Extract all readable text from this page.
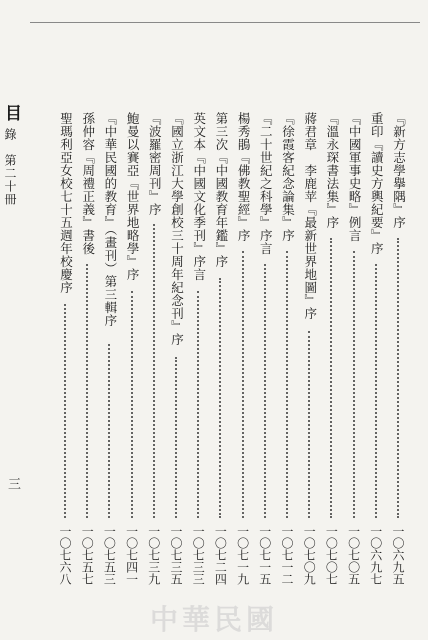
『新方志學擧隅』序
一〇六九五
重印『讀史方輿紀要』序
一〇六九七
『中國軍事史略』例言
一〇七〇五
『溫永琛書法集』序
一〇七〇七
蔣君章　李鹿苹『最新世界地圖』序
一〇七〇九
『徐霞客紀念論集』序
一〇七一二
『二十世紀之科學』序言
一〇七一五
楊秀鵑『佛教聖經』序
一〇七一九
第三次『中國教育年鑑』序
一〇七二四
英文本『中國文化季刊』序言
一〇七三三
『國立浙江大學創校三十周年紀念刊』序
一〇七三五
『波羅密周刊』序
一〇七三九
鮑曼以賽亞『世界地略學』序
一〇七四一
『中華民國的教育』（畫刊）第三輯序
一〇七五三
孫仲容『周禮正義』書後
一〇七五七
聖瑪利亞女校七十五週年校慶序
一〇七六八
目
錄　第二十冊
三
中華民國
